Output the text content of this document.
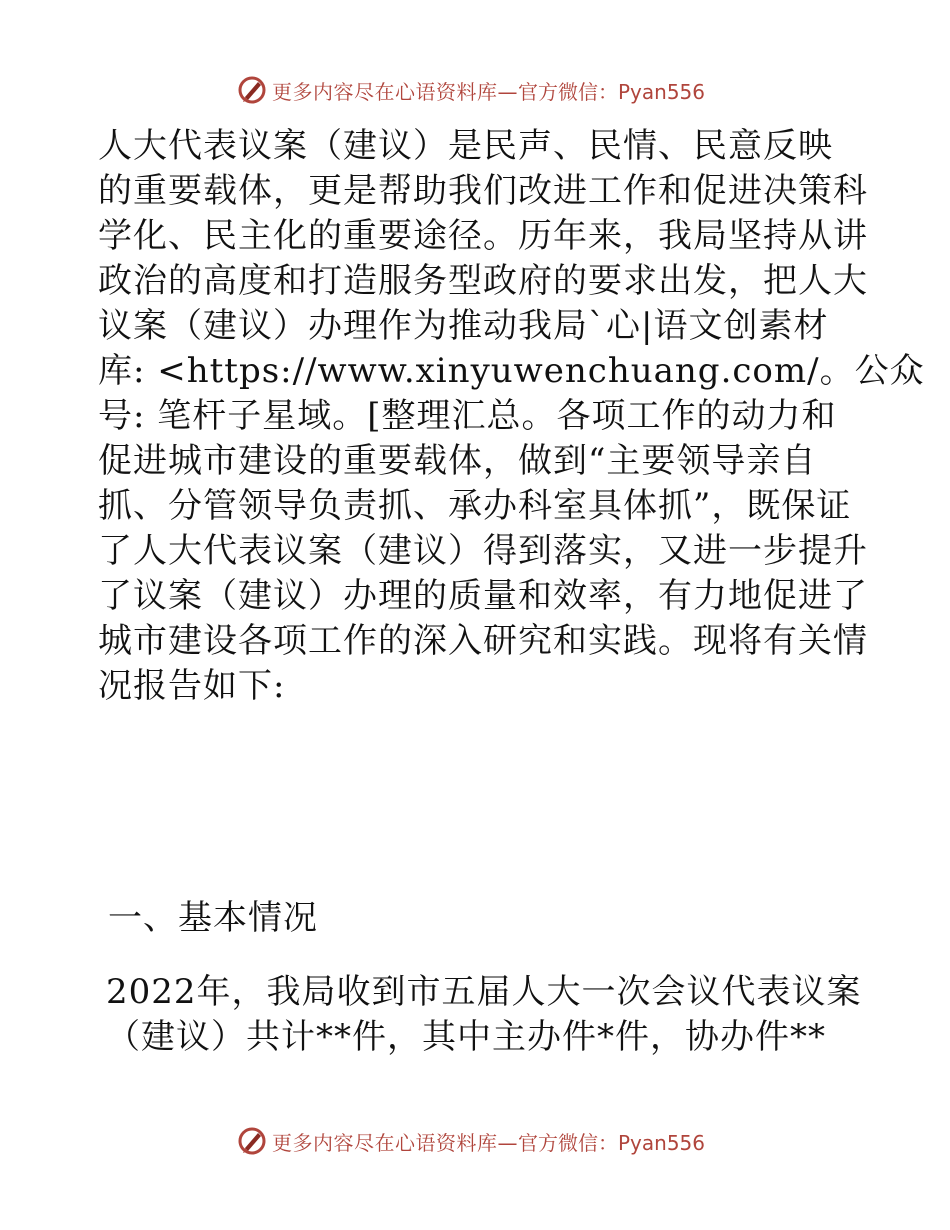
更多内容尽在心语资料库— 官方微信：Pyan556
人大代表议案（建议）是民声、民情、民意反映
的重要载体，更是帮助我们改进工作和促进决策科
学化、民主化的重要途径。历年来，我局坚持从讲
政治的高度和打造服务型政府的要求出发，把人大
议案（建议）办理作为推动我局`心|语文创素材
库: <https://www.xinyuwenchuang.com/。公众
号: 笔杆子星域。[整理汇总。各项工作的动力和
促进城市建设的重要载体，做到“主要领导亲自
抓、分管领导负责抓、承办科室具体抓”，既保证
了人大代表议案（建议）得到落实，又进一步提升
了议案（建议）办理的质量和效率，有力地促进了
城市建设各项工作的深入研究和实践。现将有关情
况报告如下:
一、基本情况
2022年，我局收到市五届人大一次会议代表议案
（建议）共计**件，其中主办件*件，协办件**
更多内容尽在心语资料库— 官方微信：Pyan556
